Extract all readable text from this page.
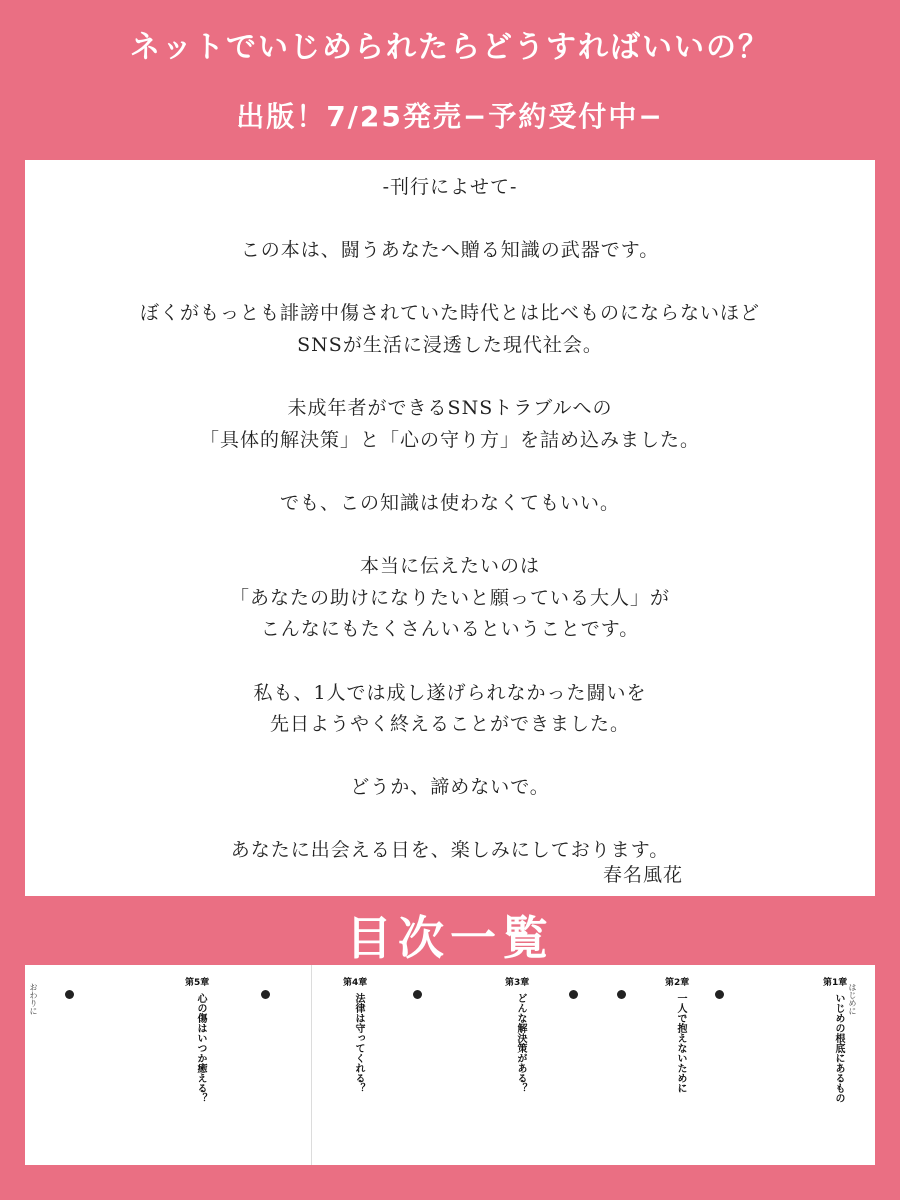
ネットでいじめられたらどうすればいいの？
出版！7/25発売−予約受付中−
-刊行によせて-
この本は、闘うあなたへ贈る知識の武器です。
ぼくがもっとも誹謗中傷されていた時代とは比べものにならないほど
SNSが生活に浸透した現代社会。
未成年者ができるSNSトラブルへの
「具体的解決策」と「心の守り方」を詰め込みました。
でも、この知識は使わなくてもいい。
本当に伝えたいのは
「あなたの助けになりたいと願っている大人」が
こんなにもたくさんいるということです。
私も、1人では成し遂げられなかった闘いを
先日ようやく終えることができました。
どうか、諦めないで。
あなたに出会える日を、楽しみにしております。
春名風花
目次一覧
はじめに
おわりに	第1章
いじめの根底にあるもの
第2章
一人で抱えないために
第3章
どんな解決策がある？
第4章
法律は守ってくれる？
第5章
心の傷はいつか癒える？
